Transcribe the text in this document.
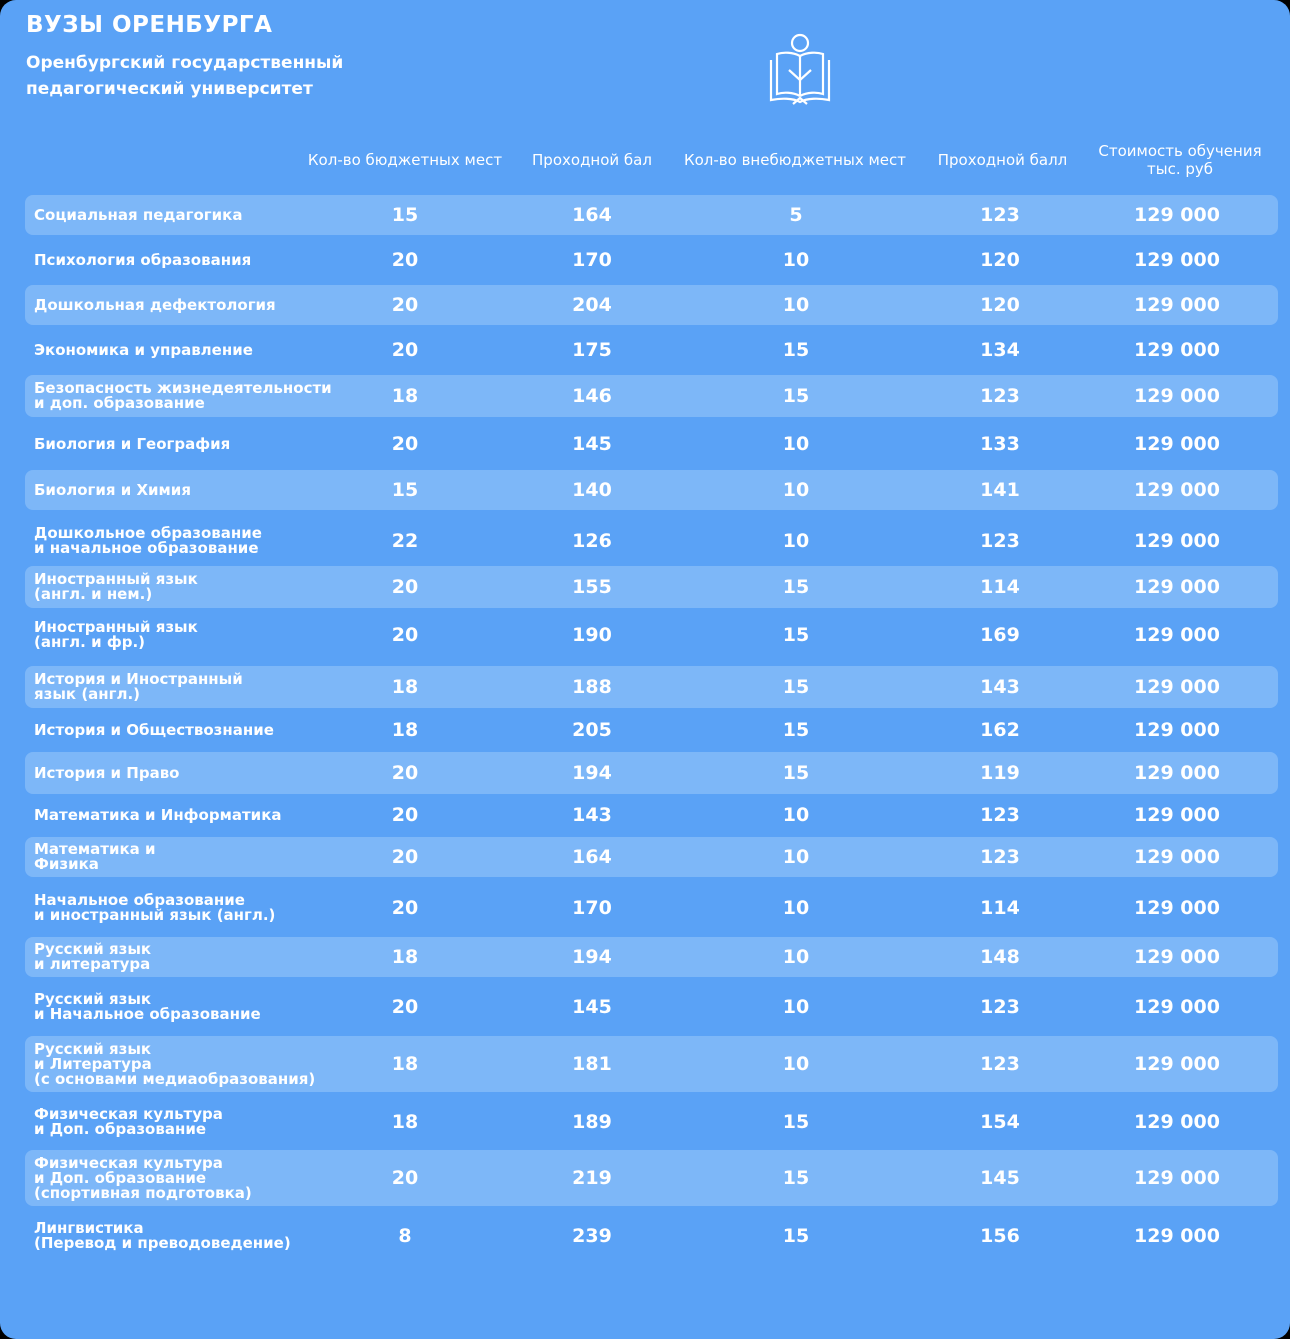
ВУЗЫ ОРЕНБУРГА
Оренбургский государственный педагогический университет
Кол-во бюджетных мест	Проходной бал	Кол-во внебюджетных мест	Проходной балл	Стоимость обучения тыс. руб
Социальная педагогика	15	164	5	123	129 000
Психология образования	20	170	10	120	129 000
Дошкольная дефектология	20	204	10	120	129 000
Экономика и управление	20	175	15	134	129 000
Безопасность жизнедеятельности
и доп. образование	18	146	15	123	129 000
Биология и География	20	145	10	133	129 000
Биология и Химия	15	140	10	141	129 000
Дошкольное образование
и начальное образование	22	126	10	123	129 000
Иностранный язык
(англ. и нем.)	20	155	15	114	129 000
Иностранный язык
(англ. и фр.)	20	190	15	169	129 000
История и Иностранный
язык (англ.)	18	188	15	143	129 000
История и Обществознание	18	205	15	162	129 000
История и Право	20	194	15	119	129 000
Математика и Информатика	20	143	10	123	129 000
Математика и
Физика	20	164	10	123	129 000
Начальное образование
и иностранный язык (англ.)	20	170	10	114	129 000
Русский язык
и литература	18	194	10	148	129 000
Русский язык
и Начальное образование	20	145	10	123	129 000
Русский язык
и Литература
(с основами медиаобразования)
18	181	10	123	129 000
Физическая культура
и Доп. образование	18	189	15	154	129 000
Физическая культура
и Доп. образование
(спортивная подготовка)
20	219	15	145	129 000
Лингвистика
(Перевод и преводоведение)	8	239	15	156	129 000
